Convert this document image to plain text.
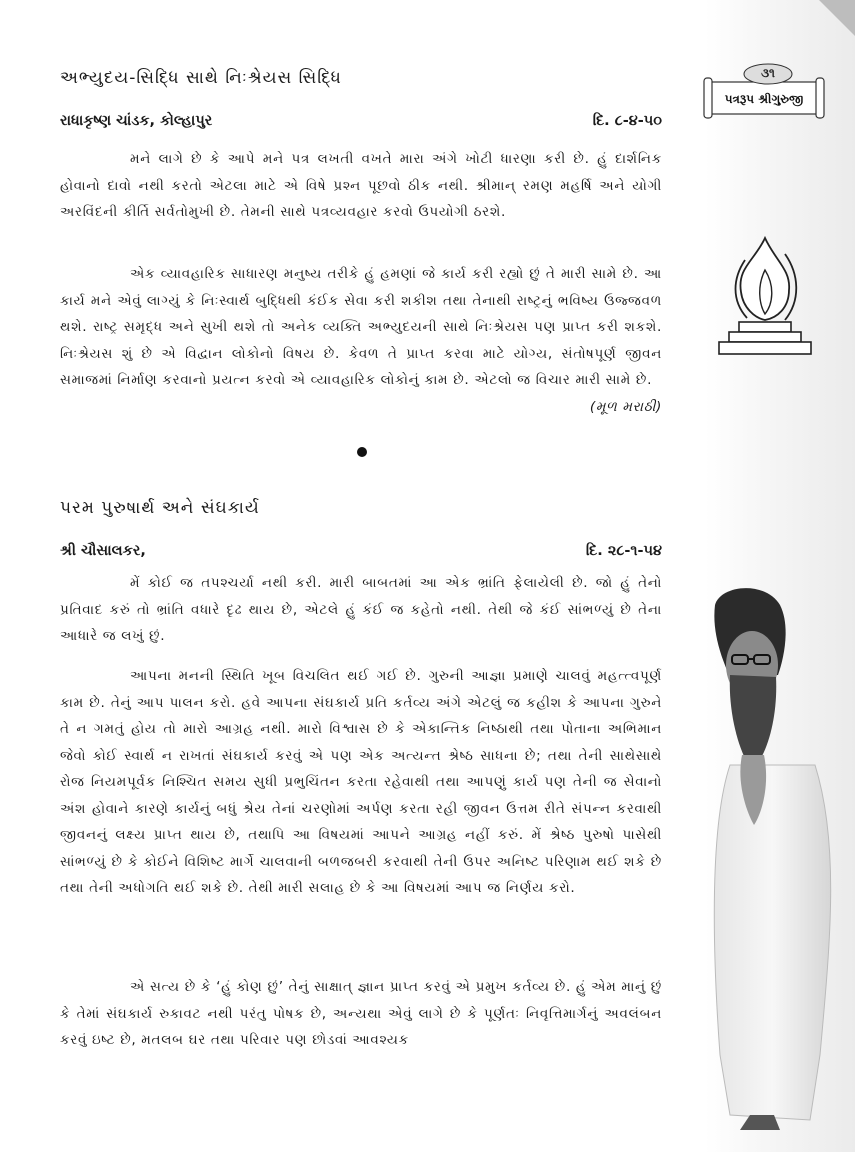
૩૧
પત્રરૂપ શ્રીગુરુજી
અભ્યુદય-સિદ્ધિ સાથે નિઃશ્રેયસ સિદ્ધિ
રાધાકૃષ્ણ ચાંડક, કોલ્હાપુર	દિ. ૮-૪-૫૦

મને લાગે છે કે આપે મને પત્ર લખતી વખતે મારા અંગે ખોટી ધારણા કરી છે. હું દાર્શનિક હોવાનો દાવો નથી કરતો એટલા માટે એ વિષે પ્રશ્ન પૂછવો ઠીક નથી. શ્રીમાન્ રમણ મહર્ષિ અને યોગી અરવિંદની કીર્તિ સર્વતોમુખી છે. તેમની સાથે પત્રવ્યવહાર કરવો ઉપયોગી ઠરશે.

એક વ્યાવહારિક સાધારણ મનુષ્ય તરીકે હું હમણાં જે કાર્ય કરી રહ્યો છું તે મારી સામે છે. આ કાર્ય મને એવું લાગ્યું કે નિઃસ્વાર્થ બુદ્ધિથી કંઈક સેવા કરી શકીશ તથા તેનાથી રાષ્ટ્રનું ભવિષ્ય ઉજ્જવળ થશે. રાષ્ટ્ર સમૃદ્ધ અને સુખી થશે તો અનેક વ્યક્તિ અભ્યુદયની સાથે નિઃશ્રેયસ પણ પ્રાપ્ત કરી શકશે. નિઃશ્રેયસ શું છે એ વિદ્વાન લોકોનો વિષય છે. કેવળ તે પ્રાપ્ત કરવા માટે યોગ્ય, સંતોષપૂર્ણ જીવન સમાજમાં નિર્માણ કરવાનો પ્રયત્ન કરવો એ વ્યાવહારિક લોકોનું કામ છે. એટલો જ વિચાર મારી સામે છે.
(મૂળ મરાઠી)

પરમ પુરુષાર્થ અને સંઘકાર્ય
શ્રી ચૌસાલકર,	દિ. ૨૮-૧-૫૪

મેં કોઈ જ તપશ્ચર્યા નથી કરી. મારી બાબતમાં આ એક ભ્રાંતિ ફેલાયેલી છે. જો હું તેનો પ્રતિવાદ કરું તો ભ્રાંતિ વધારે દૃઢ થાય છે, એટલે હું કંઈ જ કહેતો નથી. તેથી જે કંઈ સાંભળ્યું છે તેના આધારે જ લખું છું.

આપના મનની સ્થિતિ ખૂબ વિચલિત થઈ ગઈ છે. ગુરુની આજ્ઞા પ્રમાણે ચાલવું મહત્ત્વપૂર્ણ કામ છે. તેનું આપ પાલન કરો. હવે આપના સંઘકાર્ય પ્રતિ કર્તવ્ય અંગે એટલું જ કહીશ કે આપના ગુરુને તે ન ગમતું હોય તો મારો આગ્રહ નથી. મારો વિશ્વાસ છે કે એકાન્તિક નિષ્ઠાથી તથા પોતાના અભિમાન જેવો કોઈ સ્વાર્થ ન રાખતાં સંઘકાર્ય કરવું એ પણ એક અત્યન્ત શ્રેષ્ઠ સાધના છે; તથા તેની સાથેસાથે રોજ નિયમપૂર્વક નિશ્ચિત સમય સુધી પ્રભુચિંતન કરતા રહેવાથી તથા આપણું કાર્ય પણ તેની જ સેવાનો અંશ હોવાને કારણે કાર્યનું બધું શ્રેય તેનાં ચરણોમાં અર્પણ કરતા રહી જીવન ઉત્તમ રીતે સંપન્ન કરવાથી જીવનનું લક્ષ્ય પ્રાપ્ત થાય છે, તથાપિ આ વિષયમાં આપને આગ્રહ નહીં કરું. મેં શ્રેષ્ઠ પુરુષો પાસેથી સાંભળ્યું છે કે કોઈને વિશિષ્ટ માર્ગે ચાલવાની બળજબરી કરવાથી તેની ઉપર અનિષ્ટ પરિણામ થઈ શકે છે તથા તેની અધોગતિ થઈ શકે છે. તેથી મારી સલાહ છે કે આ વિષયમાં આપ જ નિર્ણય કરો.

એ સત્ય છે કે ‘હું કોણ છું’ તેનું સાક્ષાત્ જ્ઞાન પ્રાપ્ત કરવું એ પ્રમુખ કર્તવ્ય છે. હું એમ માનું છું કે તેમાં સંઘકાર્ય રુકાવટ નથી પરંતુ પોષક છે, અન્યથા એવું લાગે છે કે પૂર્ણતઃ નિવૃત્તિમાર્ગનું અવલંબન કરવું ઇષ્ટ છે, મતલબ ઘર તથા પરિવાર પણ છોડવાં આવશ્યક
